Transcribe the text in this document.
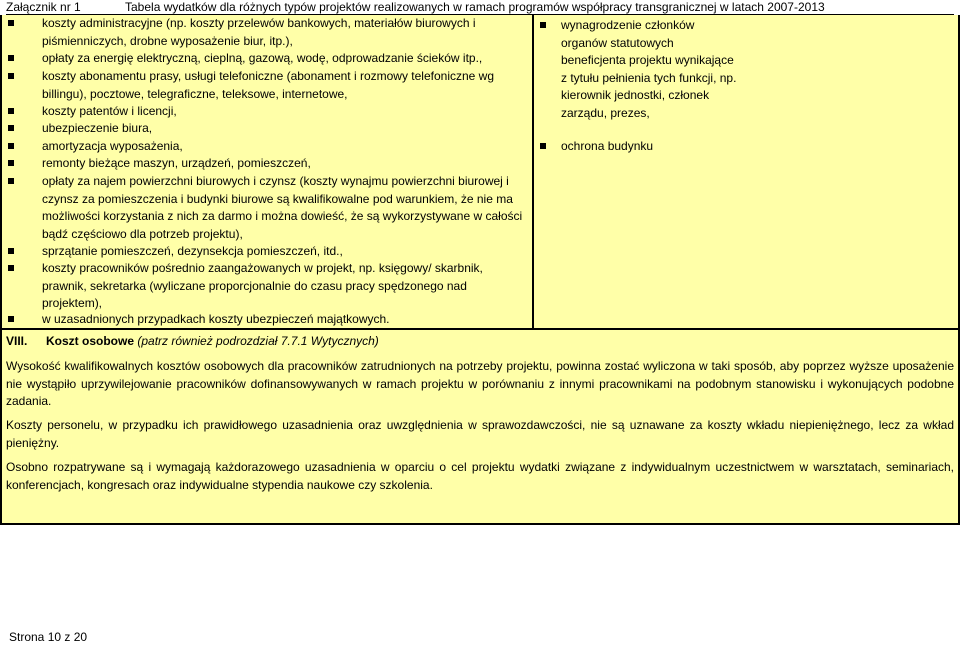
Załącznik nr 1	Tabela wydatków dla różnych typów projektów realizowanych w ramach programów współpracy transgranicznej w latach 2007-2013
koszty administracyjne (np. koszty przelewów bankowych, materiałów biurowych i piśmienniczych, drobne wyposażenie biur, itp.),
opłaty za energię elektryczną, cieplną, gazową, wodę, odprowadzanie ścieków itp.,
koszty abonamentu prasy, usługi telefoniczne (abonament i rozmowy telefoniczne wg billingu), pocztowe, telegraficzne, teleksowe, internetowe,
koszty patentów i licencji,
ubezpieczenie biura,
amortyzacja wyposażenia,
remonty bieżące maszyn, urządzeń, pomieszczeń,
opłaty za najem powierzchni biurowych i czynsz (koszty wynajmu powierzchni biurowej i czynsz za pomieszczenia i budynki biurowe są kwalifikowalne pod warunkiem, że nie ma możliwości korzystania z nich za darmo i można dowieść, że są wykorzystywane w całości bądź częściowo dla potrzeb projektu),
sprzątanie pomieszczeń, dezynsekcja pomieszczeń, itd.,
koszty pracowników pośrednio zaangażowanych w projekt, np. księgowy/ skarbnik, prawnik, sekretarka (wyliczane proporcjonalnie do czasu pracy spędzonego nad projektem),
w uzasadnionych przypadkach koszty ubezpieczeń majątkowych.
wynagrodzenie członków organów statutowych beneficjenta projektu wynikające z tytułu pełnienia tych funkcji, np. kierownik jednostki, członek zarządu, prezes,
ochrona budynku
VIII. Koszt osobowe (patrz również podrozdział 7.7.1 Wytycznych)
Wysokość kwalifikowalnych kosztów osobowych dla pracowników zatrudnionych na potrzeby projektu, powinna zostać wyliczona w taki sposób, aby poprzez wyższe uposażenie nie wystąpiło uprzywilejowanie pracowników dofinansowywanych w ramach projektu w porównaniu z innymi pracownikami na podobnym stanowisku i wykonujących podobne zadania.
Koszty personelu, w przypadku ich prawidłowego uzasadnienia oraz uwzględnienia w sprawozdawczości, nie są uznawane za koszty wkładu niepieniężnego, lecz za wkład pieniężny.
Osobno rozpatrywane są i wymagają każdorazowego uzasadnienia w oparciu o cel projektu wydatki związane z indywidualnym uczestnictwem w warsztatach, seminariach, konferencjach, kongresach oraz indywidualne stypendia naukowe czy szkolenia.
Strona 10 z 20
